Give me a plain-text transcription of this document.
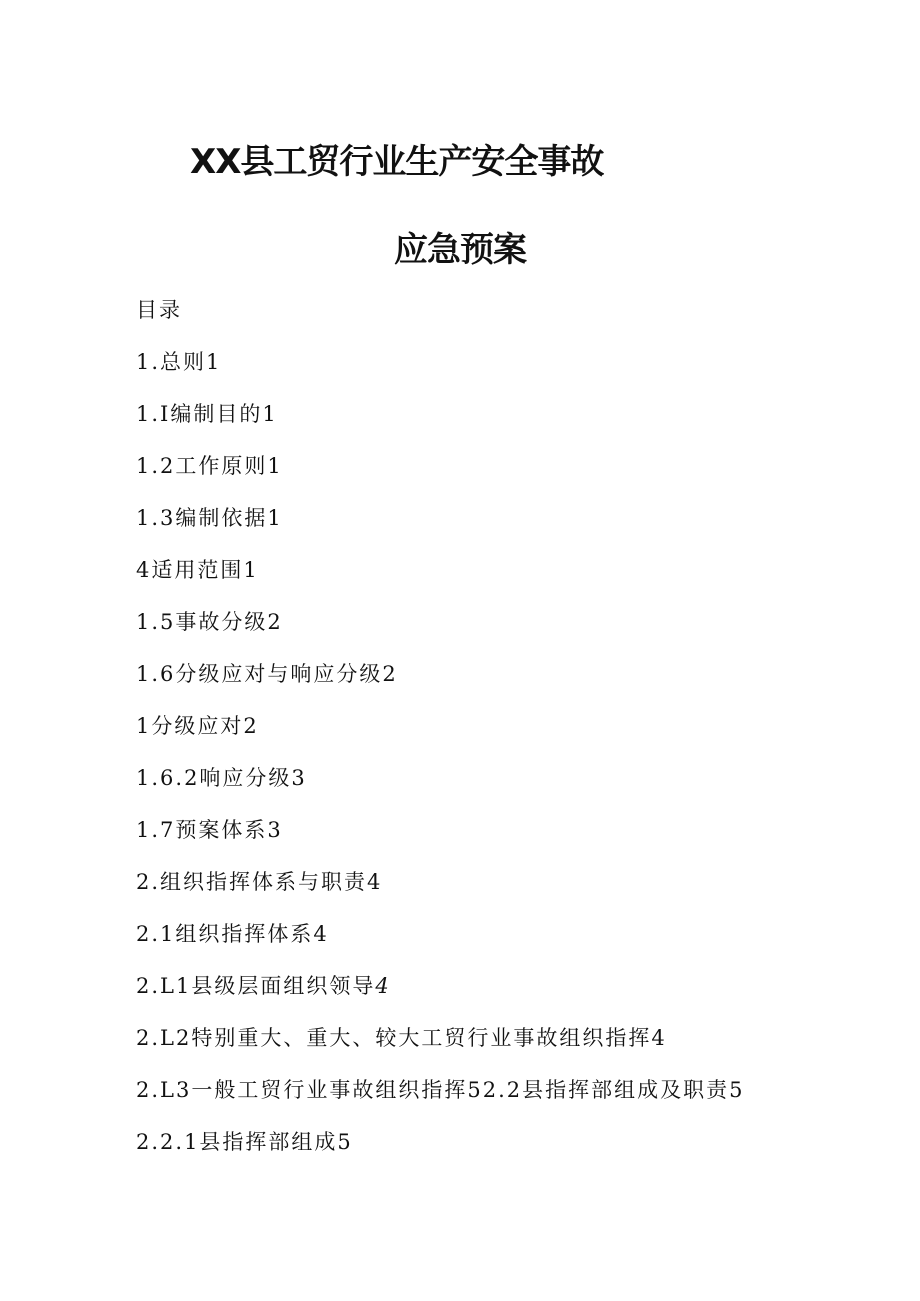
XX县工贸行业生产安全事故
应急预案
目录
1.总则1
1.I编制目的1
1.2工作原则1
1.3编制依据1
4适用范围1
1.5事故分级2
1.6分级应对与响应分级2
1分级应对2
1.6.2响应分级3
1.7预案体系3
2.组织指挥体系与职责4
2.1组织指挥体系4
2.L1县级层面组织领导4
2.L2特别重大、重大、较大工贸行业事故组织指挥4
2.L3一般工贸行业事故组织指挥52.2县指挥部组成及职责5
2.2.1县指挥部组成5
